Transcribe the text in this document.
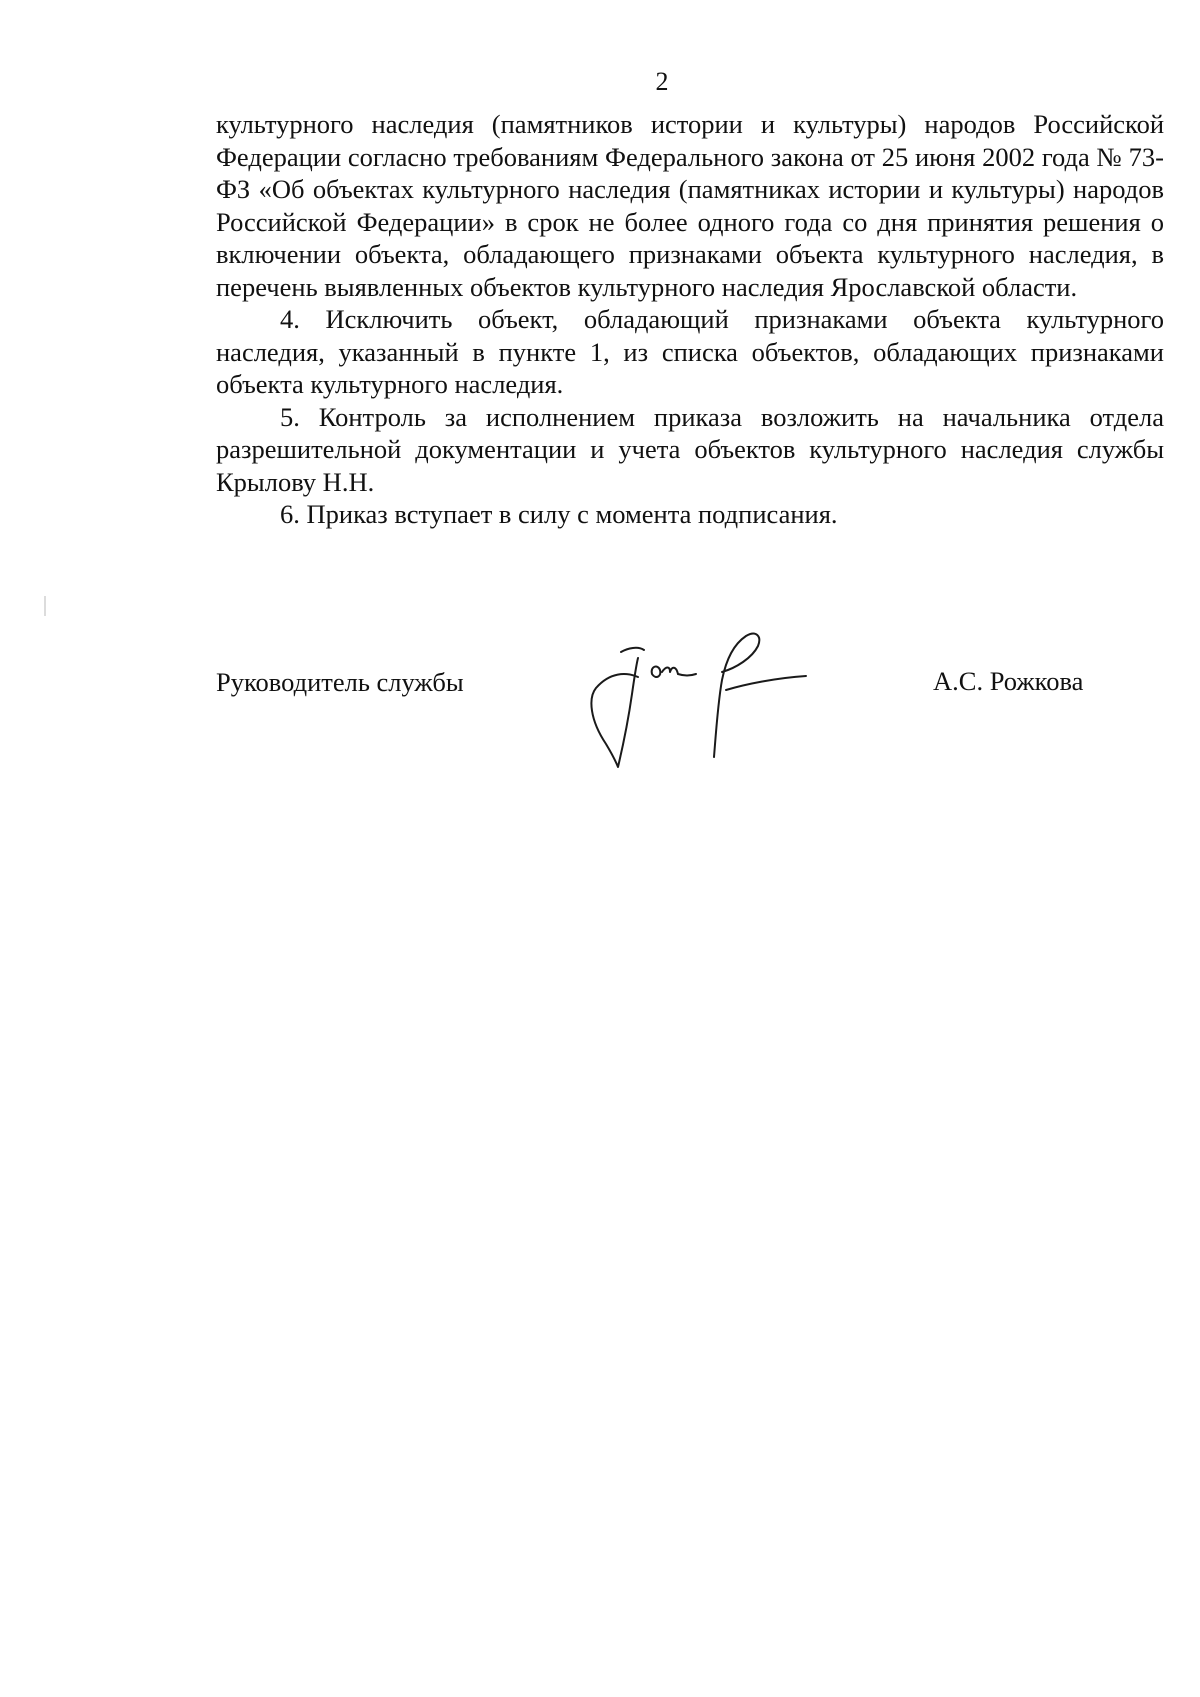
2

культурного наследия (памятников истории и культуры) народов Российской Федерации согласно требованиям Федерального закона от 25 июня 2002 года № 73-ФЗ «Об объектах культурного наследия (памятниках истории и культуры) народов Российской Федерации» в срок не более одного года со дня принятия решения о включении объекта, обладающего признаками объекта культурного наследия, в перечень выявленных объектов культурного наследия Ярославской области.

4. Исключить объект, обладающий признаками объекта культурного наследия, указанный в пункте 1, из списка объектов, обладающих признаками объекта культурного наследия.

5. Контроль за исполнением приказа возложить на начальника отдела разрешительной документации и учета объектов культурного наследия службы Крылову Н.Н.

6. Приказ вступает в силу с момента подписания.

Руководитель службы	А.С. Рожкова
